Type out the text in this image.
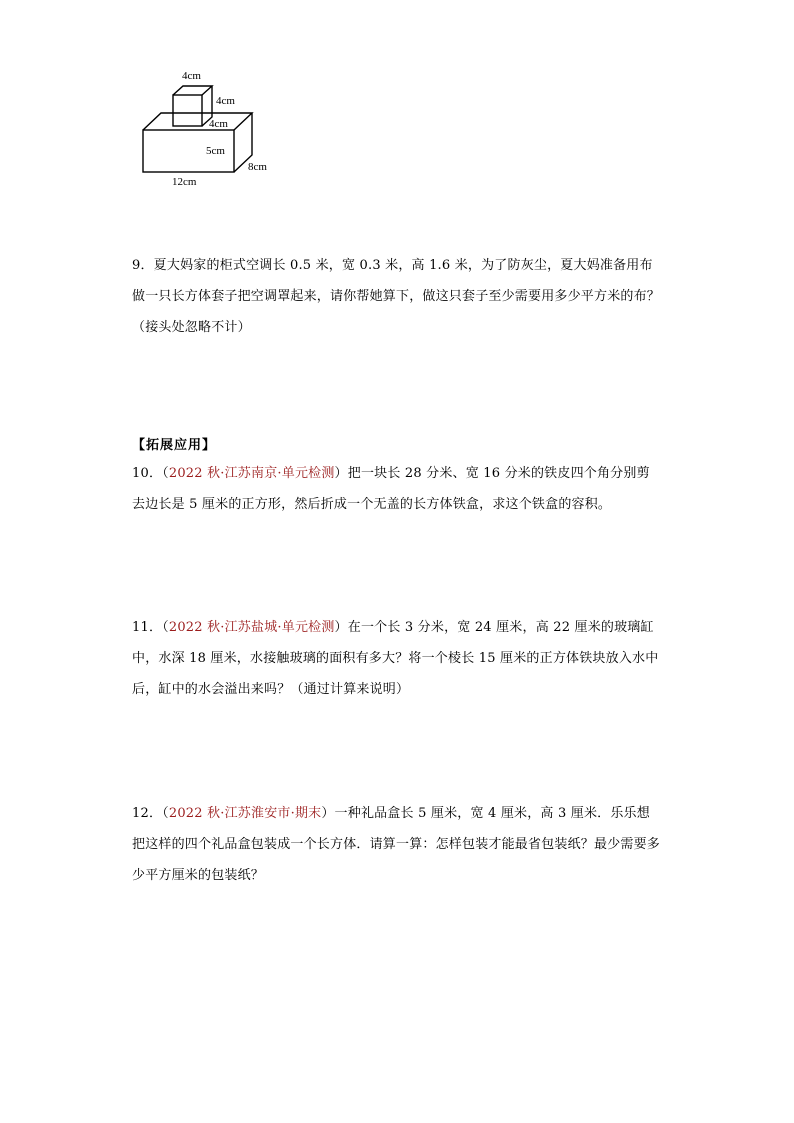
4cm
4cm
4cm
5cm
8cm
12cm

9．夏大妈家的柜式空调长 0.5 米，宽 0.3 米，高 1.6 米，为了防灰尘，夏大妈准备用布做一只长方体套子把空调罩起来，请你帮她算下，做这只套子至少需要用多少平方米的布？（接头处忽略不计）

【拓展应用】

10．（2022 秋·江苏南京·单元检测）把一块长 28 分米、宽 16 分米的铁皮四个角分别剪去边长是 5 厘米的正方形，然后折成一个无盖的长方体铁盒，求这个铁盒的容积。

11．（2022 秋·江苏盐城·单元检测）在一个长 3 分米，宽 24 厘米，高 22 厘米的玻璃缸中，水深 18 厘米，水接触玻璃的面积有多大？将一个棱长 15 厘米的正方体铁块放入水中后，缸中的水会溢出来吗？（通过计算来说明）

12．（2022 秋·江苏淮安市·期末）一种礼品盒长 5 厘米，宽 4 厘米，高 3 厘米．乐乐想把这样的四个礼品盒包装成一个长方体．请算一算：怎样包装才能最省包装纸？最少需要多少平方厘米的包装纸？
